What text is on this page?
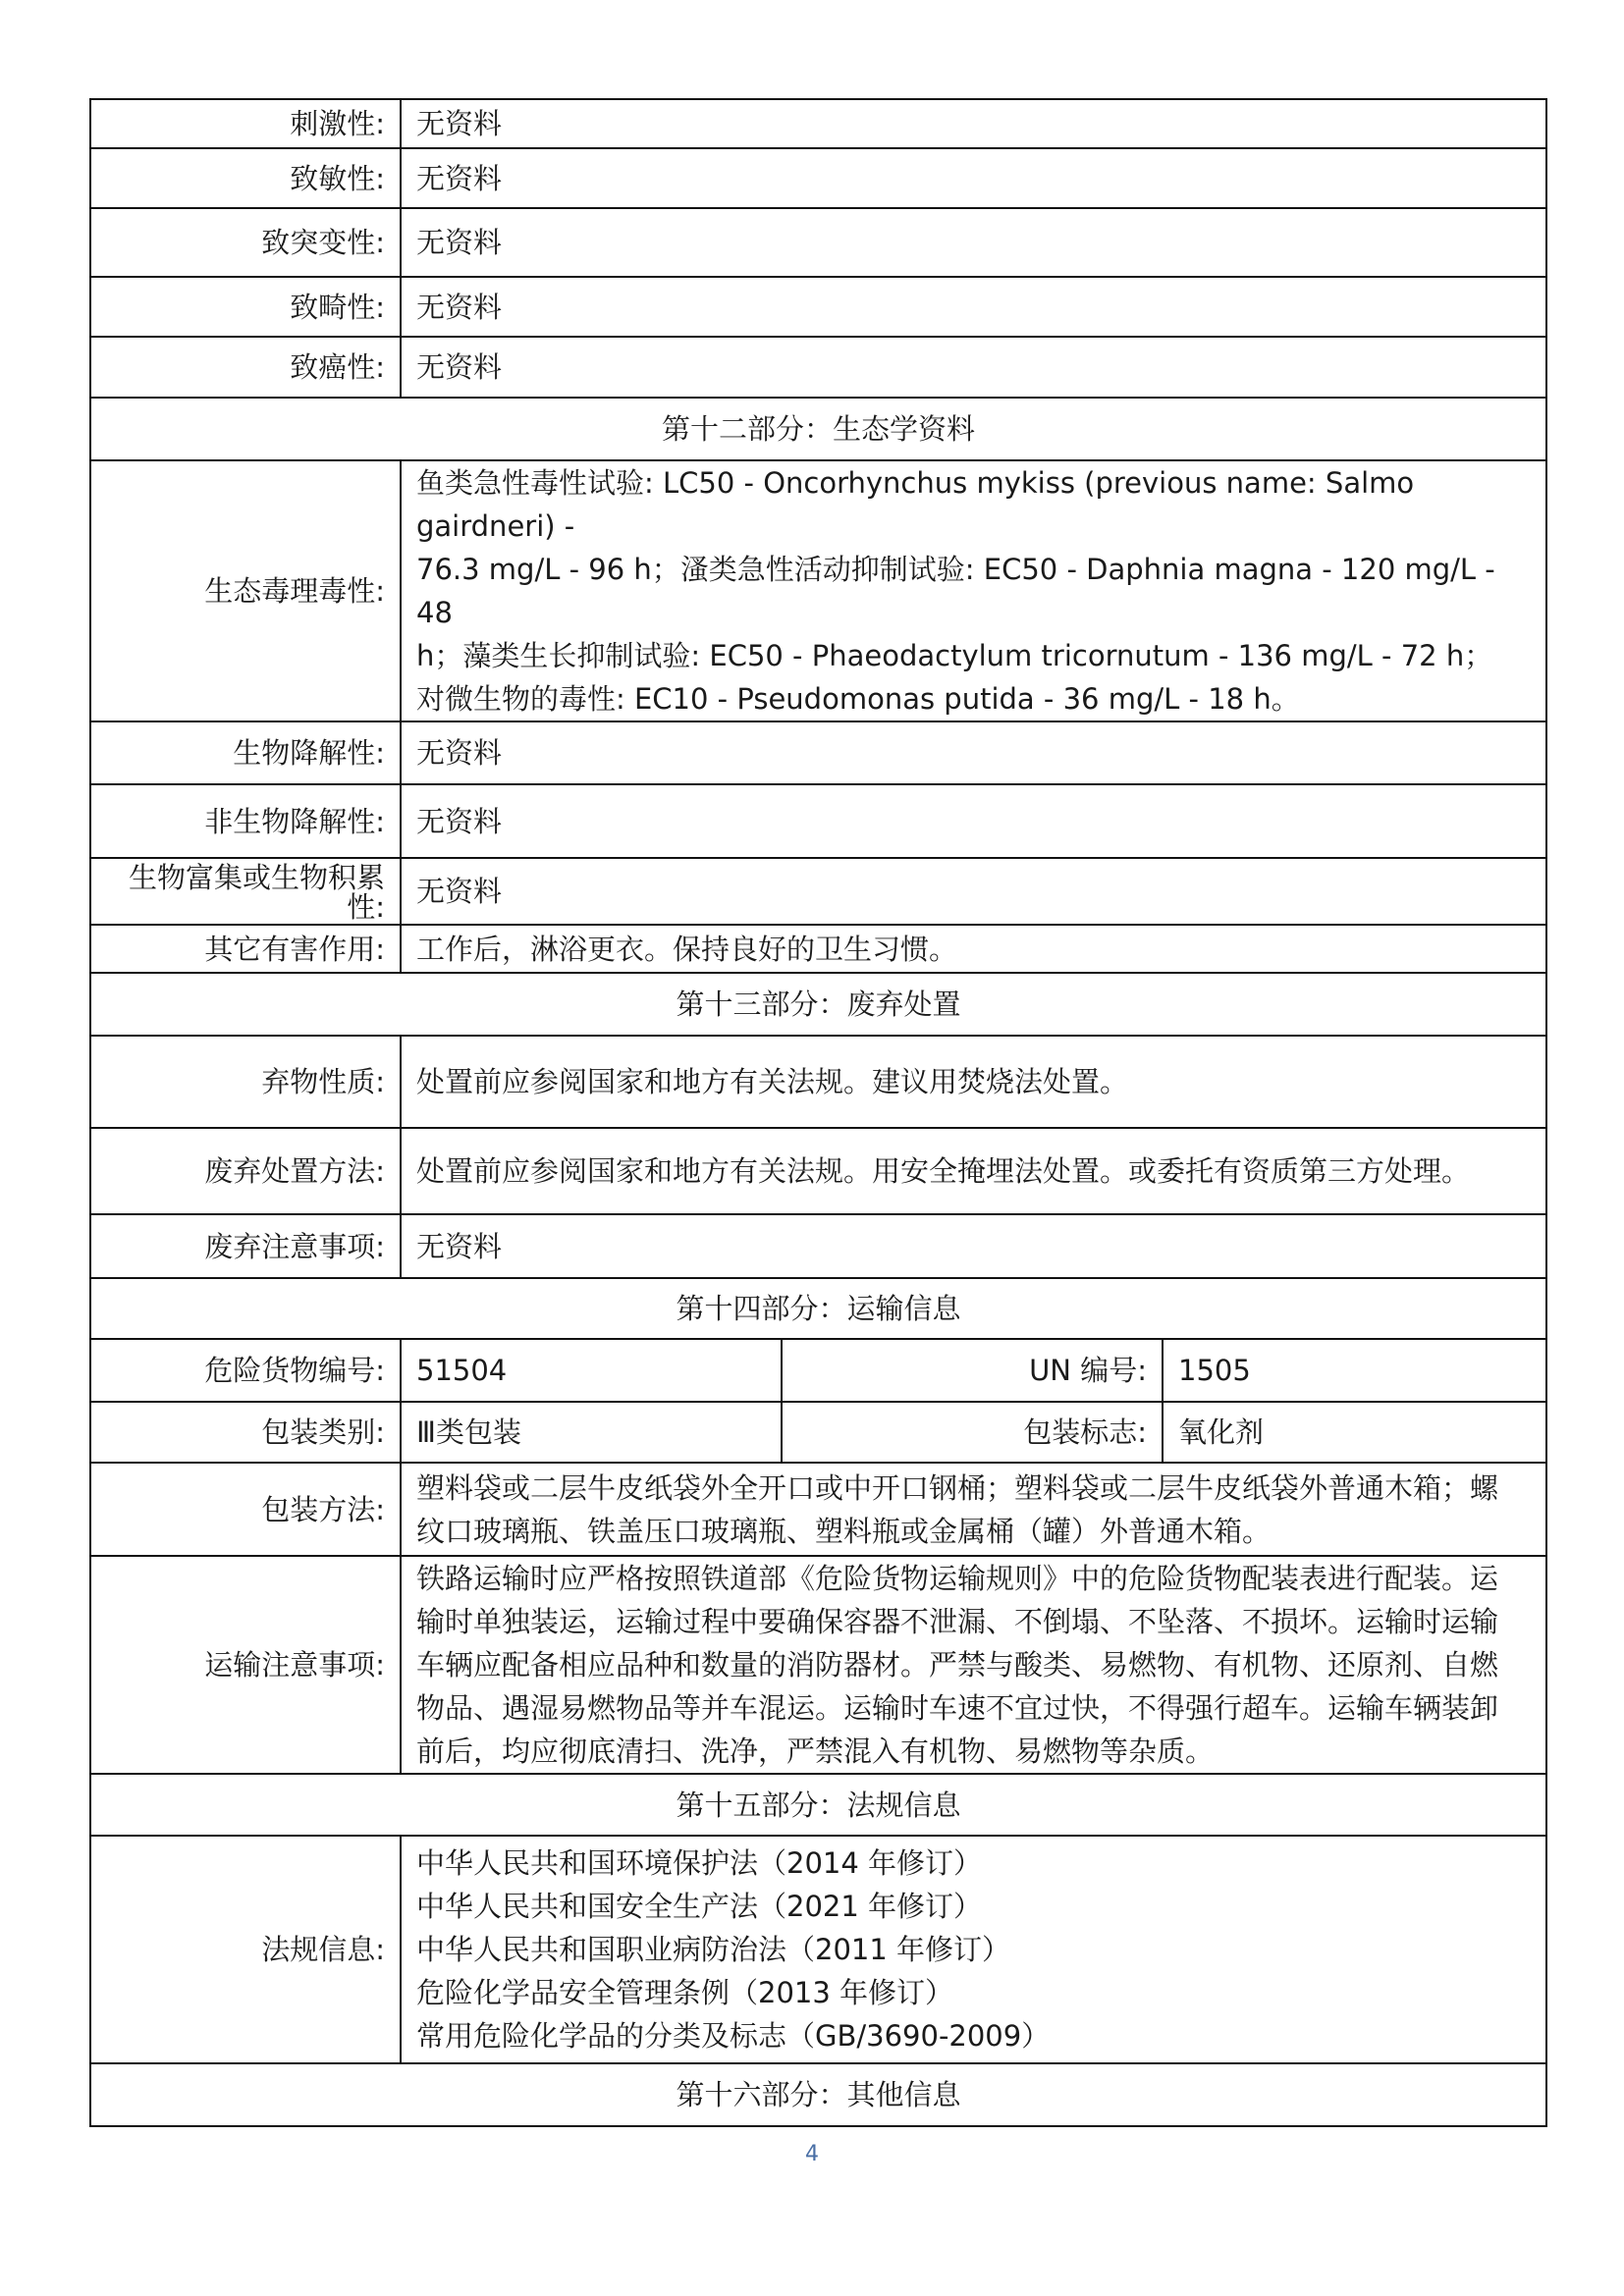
刺激性:	无资料		
致敏性:	无资料		
致突变性:	无资料		
致畸性:	无资料		
致癌性:	无资料		
第十二部分：生态学资料			
生态毒理毒性:	鱼类急性毒性试验: LC50 - Oncorhynchus mykiss (previous name: Salmo gairdneri) -
76.3 mg/L - 96 h；溞类急性活动抑制试验: EC50 - Daphnia magna - 120 mg/L - 48
h；藻类生长抑制试验: EC50 - Phaeodactylum tricornutum - 136 mg/L - 72 h；
对微生物的毒性: EC10 - Pseudomonas putida - 36 mg/L - 18 h。		

生物降解性:	无资料		
非生物降解性:	无资料		

生物富集或生物积累性:	无资料		
其它有害作用:	工作后，淋浴更衣。保持良好的卫生习惯。		
第十三部分：废弃处置			
弃物性质:	处置前应参阅国家和地方有关法规。建议用焚烧法处置。		
废弃处置方法:	处置前应参阅国家和地方有关法规。用安全掩埋法处置。或委托有资质第三方处理。		
废弃注意事项:	无资料		
第十四部分：运输信息			
危险货物编号:	51504	UN 编号:	1505
包装类别:	Ⅲ类包装	包装标志:	氧化剂
包装方法:	塑料袋或二层牛皮纸袋外全开口或中开口钢桶；塑料袋或二层牛皮纸袋外普通木箱；螺
纹口玻璃瓶、铁盖压口玻璃瓶、塑料瓶或金属桶（罐）外普通木箱。		

运输注意事项:	铁路运输时应严格按照铁道部《危险货物运输规则》中的危险货物配装表进行配装。运
输时单独装运，运输过程中要确保容器不泄漏、不倒塌、不坠落、不损坏。运输时运输
车辆应配备相应品种和数量的消防器材。严禁与酸类、易燃物、有机物、还原剂、自燃
物品、遇湿易燃物品等并车混运。运输时车速不宜过快，不得强行超车。运输车辆装卸
前后，均应彻底清扫、洗净，严禁混入有机物、易燃物等杂质。		

第十五部分：法规信息			
法规信息:	中华人民共和国环境保护法（2014 年修订）
中华人民共和国安全生产法（2021 年修订）
中华人民共和国职业病防治法（2011 年修订）
危险化学品安全管理条例（2013 年修订）
常用危险化学品的分类及标志（GB/3690-2009）		

第十六部分：其他信息			
4
